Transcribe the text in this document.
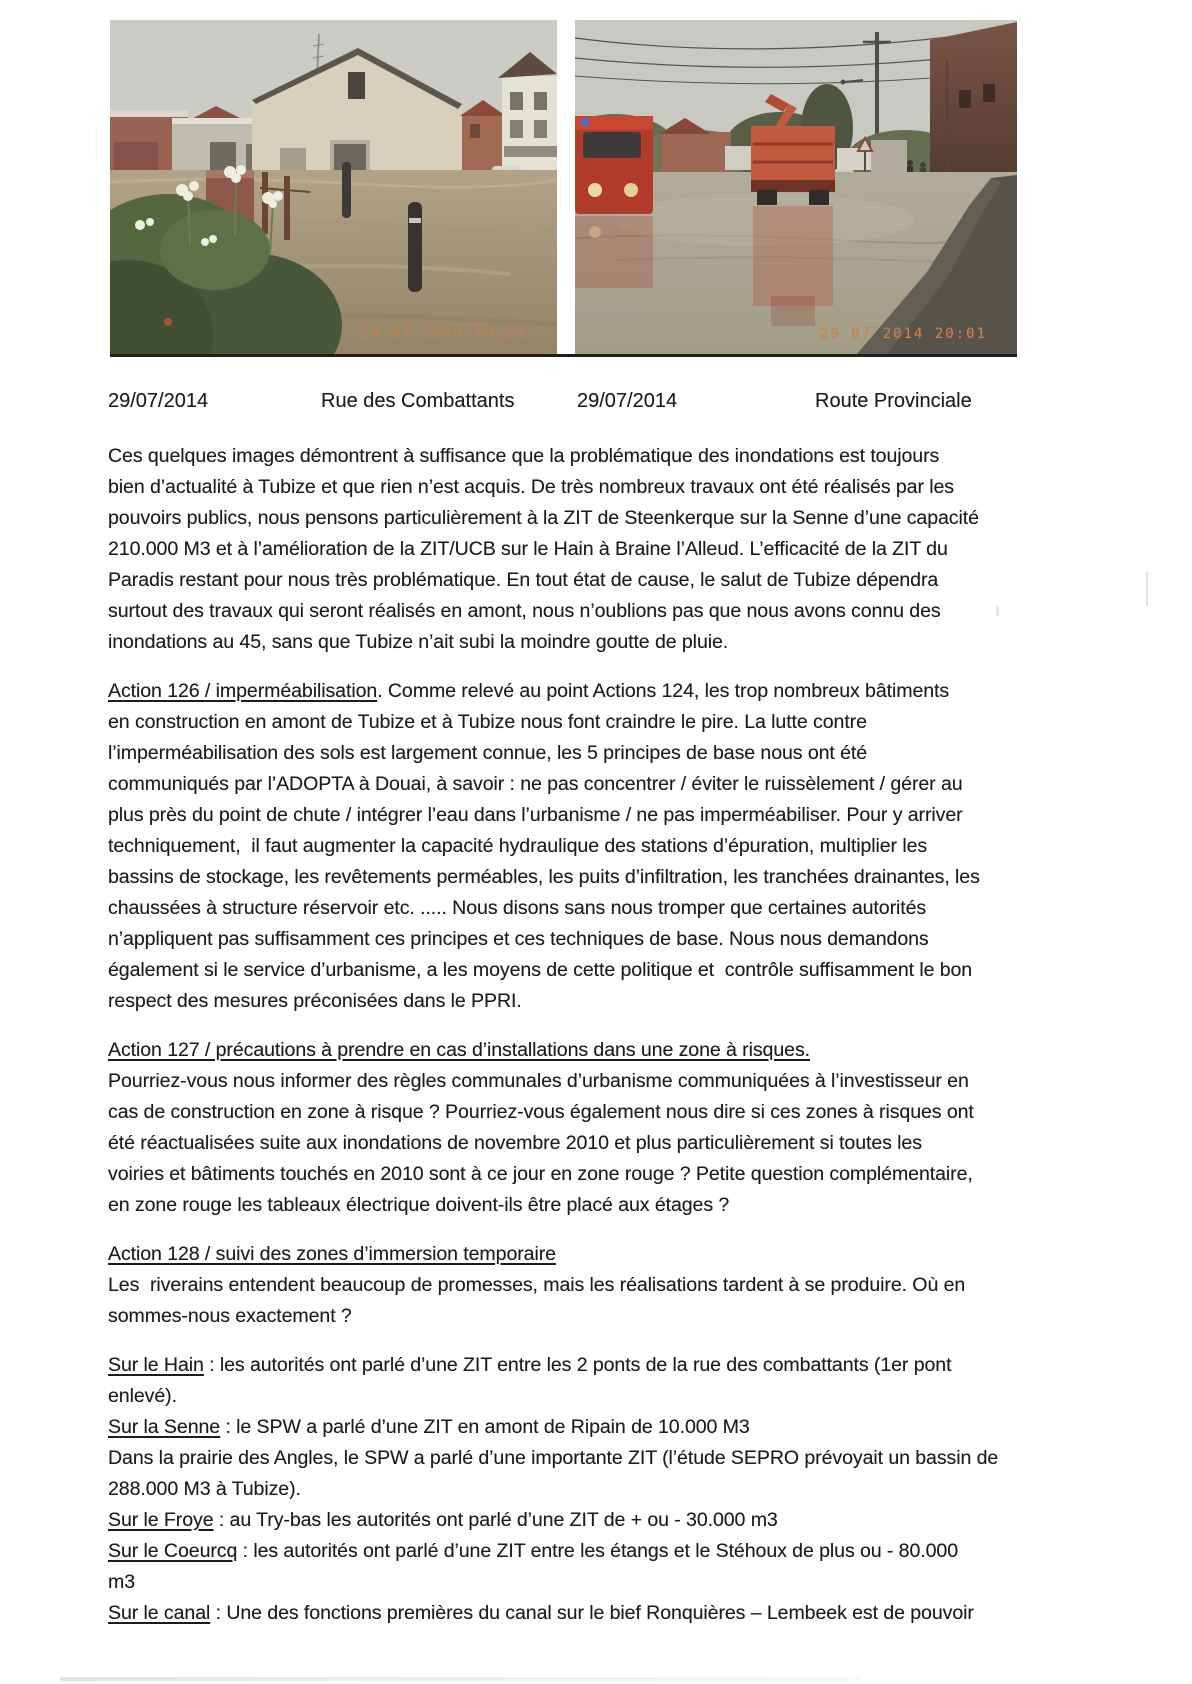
29 07 2014 19:51	29 07 2014 20:01
29/07/2014	Rue des Combattants	29/07/2014	Route Provinciale
Ces quelques images démontrent à suffisance que la problématique des inondations est toujours
bien d’actualité à Tubize et que rien n’est acquis. De très nombreux travaux ont été réalisés par les
pouvoirs publics, nous pensons particulièrement à la ZIT de Steenkerque sur la Senne d’une capacité
210.000 M3 et à l’amélioration de la ZIT/UCB sur le Hain à Braine l’Alleud. L’efficacité de la ZIT du
Paradis restant pour nous très problématique. En tout état de cause, le salut de Tubize dépendra
surtout des travaux qui seront réalisés en amont, nous n’oublions pas que nous avons connu des
inondations au 45, sans que Tubize n’ait subi la moindre goutte de pluie.
Action 126 / imperméabilisation. Comme relevé au point Actions 124, les trop nombreux bâtiments
en construction en amont de Tubize et à Tubize nous font craindre le pire. La lutte contre
l’imperméabilisation des sols est largement connue, les 5 principes de base nous ont été
communiqués par l’ADOPTA à Douai, à savoir : ne pas concentrer / éviter le ruissèlement / gérer au
plus près du point de chute / intégrer l’eau dans l’urbanisme / ne pas imperméabiliser. Pour y arriver
techniquement,  il faut augmenter la capacité hydraulique des stations d’épuration, multiplier les
bassins de stockage, les revêtements perméables, les puits d’infiltration, les tranchées drainantes, les
chaussées à structure réservoir etc. ..... Nous disons sans nous tromper que certaines autorités
n’appliquent pas suffisamment ces principes et ces techniques de base. Nous nous demandons
également si le service d’urbanisme, a les moyens de cette politique et  contrôle suffisamment le bon
respect des mesures préconisées dans le PPRI.
Action 127 / précautions à prendre en cas d’installations dans une zone à risques.
Pourriez-vous nous informer des règles communales d’urbanisme communiquées à l’investisseur en
cas de construction en zone à risque ? Pourriez-vous également nous dire si ces zones à risques ont
été réactualisées suite aux inondations de novembre 2010 et plus particulièrement si toutes les
voiries et bâtiments touchés en 2010 sont à ce jour en zone rouge ? Petite question complémentaire,
en zone rouge les tableaux électrique doivent-ils être placé aux étages ?
Action 128 / suivi des zones d’immersion temporaire
Les  riverains entendent beaucoup de promesses, mais les réalisations tardent à se produire. Où en
sommes-nous exactement ?
Sur le Hain : les autorités ont parlé d’une ZIT entre les 2 ponts de la rue des combattants (1er pont
enlevé).
Sur la Senne : le SPW a parlé d’une ZIT en amont de Ripain de 10.000 M3
Dans la prairie des Angles, le SPW a parlé d’une importante ZIT (l’étude SEPRO prévoyait un bassin de
288.000 M3 à Tubize).
Sur le Froye : au Try-bas les autorités ont parlé d’une ZIT de + ou - 30.000 m3
Sur le Coeurcq : les autorités ont parlé d’une ZIT entre les étangs et le Stéhoux de plus ou - 80.000
m3
Sur le canal : Une des fonctions premières du canal sur le bief Ronquières – Lembeek est de pouvoir
